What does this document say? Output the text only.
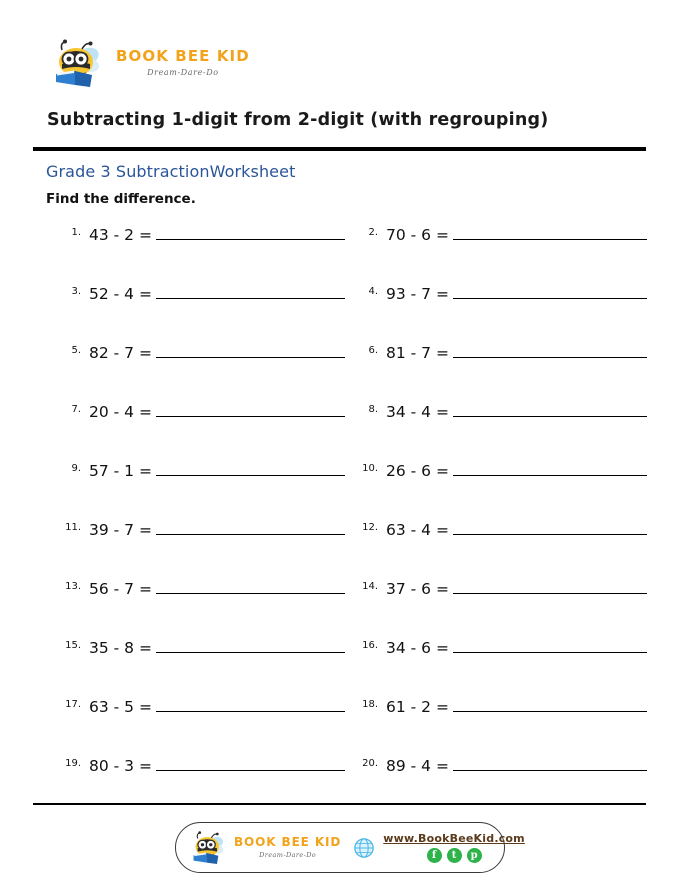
BOOK BEE KID
Dream-Dare-Do
Subtracting 1-digit from 2-digit (with regrouping)
Grade 3 SubtractionWorksheet
Find the difference.
1. 43 - 2 =	2. 70 - 6 =
3. 52 - 4 =	4. 93 - 7 =
5. 82 - 7 =	6. 81 - 7 =
7. 20 - 4 =	8. 34 - 4 =
9. 57 - 1 =	10. 26 - 6 =
11. 39 - 7 =	12. 63 - 4 =
13. 56 - 7 =	14. 37 - 6 =
15. 35 - 8 =	16. 34 - 6 =
17. 63 - 5 =	18. 61 - 2 =
19. 80 - 3 =	20. 89 - 4 =
BOOK BEE KID
Dream-Dare-Do
www.BookBeeKid.com
f	t	p
